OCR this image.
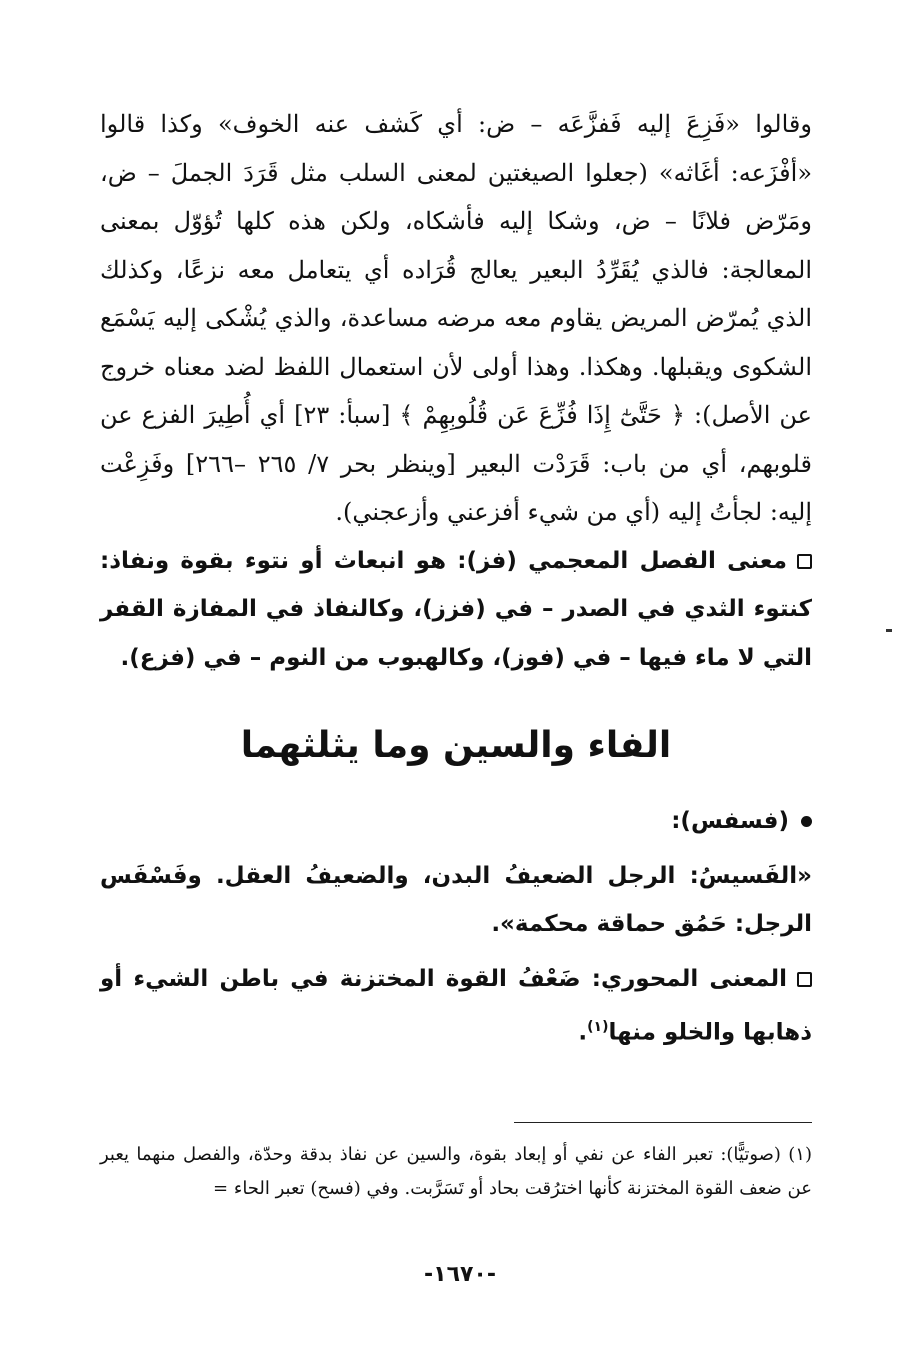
وقالوا «فَزِعَ إليه فَفزَّعَه – ض: أي كَشف عنه الخوف» وكذا قالوا «أفْزَعه: أغَاثه» (جعلوا الصيغتين لمعنى السلب مثل قَرَدَ الجملَ – ض، ومَرّض فلانًا – ض، وشكا إليه فأشكاه، ولكن هذه كلها تُؤوّل بمعنى المعالجة: فالذي يُقَرِّدُ البعير يعالج قُرَاده أي يتعامل معه نزعًا، وكذلك الذي يُمرّض المريض يقاوم معه مرضه مساعدة، والذي يُشْكى إليه يَسْمَع الشكوى ويقبلها. وهكذا. وهذا أولى لأن استعمال اللفظ لضد معناه خروج عن الأصل): ﴿ حَتَّىٰٓ إِذَا فُزِّعَ عَن قُلُوبِهِمْ ﴾ [سبأ: ٢٣] أي أُطِيرَ الفزع عن قلوبهم، أي من باب: قَرَدْت البعير [وينظر بحر ٧/ ٢٦٥ –٢٦٦] وفَزِعْت إليه: لجأتُ إليه (أي من شيء أفزعني وأزعجني).

معنى الفصل المعجمي (فز): هو انبعاث أو نتوء بقوة ونفاذ: كنتوء الثدي في الصدر – في (فزز)، وكالنفاذ في المفازة القفر التي لا ماء فيها – في (فوز)، وكالهبوب من النوم – في (فزع).

الفاء والسين وما يثلثهما

(فسفس):

«الفَسيسُ: الرجل الضعيفُ البدن، والضعيفُ العقل. وفَسْفَس الرجل: حَمُق حماقة محكمة».

المعنى المحوري: ضَعْفُ القوة المختزنة في باطن الشيء أو ذهابها والخلو منها$^{(١)}$.

(١) (صوتيًّا): تعبر الفاء عن نفي أو إبعاد بقوة، والسين عن نفاذ بدقة وحدّة، والفصل منهما يعبر عن ضعف القوة المختزنة كأنها اخترُقت بحاد أو تَسَرَّبت. وفي (فسح) تعبر الحاء =
-١٦٧٠-
